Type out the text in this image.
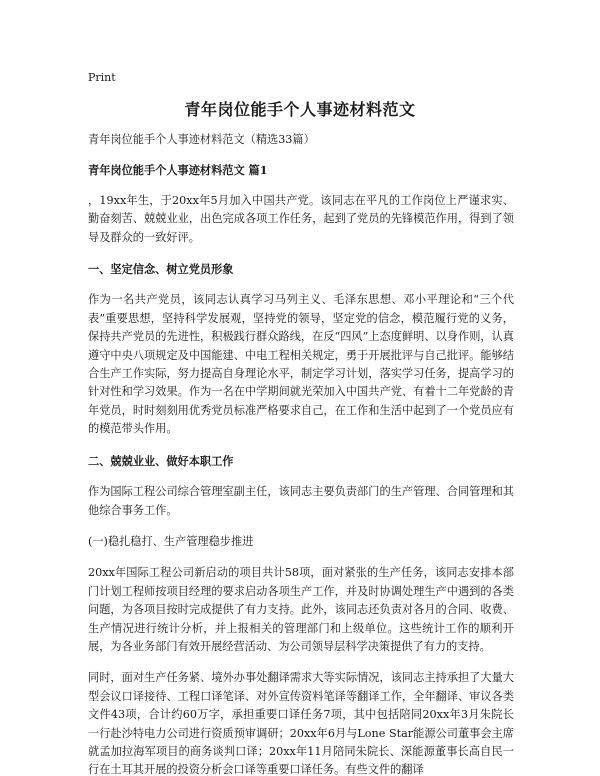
Print
青年岗位能手个人事迹材料范文

青年岗位能手个人事迹材料范文（精选33篇）

青年岗位能手个人事迹材料范文 篇1

，19xx年生，于20xx年5月加入中国共产党。该同志在平凡的工作岗位上严谨求实、勤奋刻苦、兢兢业业，出色完成各项工作任务，起到了党员的先锋模范作用，得到了领导及群众的一致好评。

一、坚定信念、树立党员形象

作为一名共产党员，该同志认真学习马列主义、毛泽东思想、邓小平理论和“三个代表”重要思想，坚持科学发展观，坚持党的领导，坚定党的信念，模范履行党的义务，保持共产党员的先进性，积极践行群众路线，在反“四风”上态度鲜明、以身作则，认真遵守中央八项规定及中国能建、中电工程相关规定，勇于开展批评与自己批评。能够结合生产工作实际，努力提高自身理论水平，制定学习计划，落实学习任务，提高学习的针对性和学习效果。作为一名在中学期间就光荣加入中国共产党、有着十二年党龄的青年党员，时时刻刻用优秀党员标准严格要求自己，在工作和生活中起到了一个党员应有的模范带头作用。

二、兢兢业业、做好本职工作

作为国际工程公司综合管理室副主任，该同志主要负责部门的生产管理、合同管理和其他综合事务工作。

(一)稳扎稳打、生产管理稳步推进

20xx年国际工程公司新启动的项目共计58项，面对紧张的生产任务，该同志安排本部门计划工程师按项目经理的要求启动各项生产工作，并及时协调处理生产中遇到的各类问题，为各项目按时完成提供了有力支持。此外，该同志还负责对各月的合同、收费、生产情况进行统计分析，并上报相关的管理部门和上级单位。这些统计工作的顺利开展，为各业务部门有效开展经营活动、为公司领导层科学决策提供了有力的支持。

同时，面对生产任务紧、境外办事处翻译需求大等实际情况，该同志主持承担了大量大型会议口译接待、工程口译笔译、对外宣传资料笔译等翻译工作，全年翻译、审议各类文件43项，合计约60万字，承担重要口译任务7项，其中包括陪同20xx年3月朱院长一行赴沙特电力公司进行资质预审调研；20xx年6月与Lone Star能源公司董事会主席就孟加拉海军项目的商务谈判口译；20xx年11月陪同朱院长、深能源董事长高自民一行在土耳其开展的投资分析会口译等重要口译任务。有些文件的翻译
